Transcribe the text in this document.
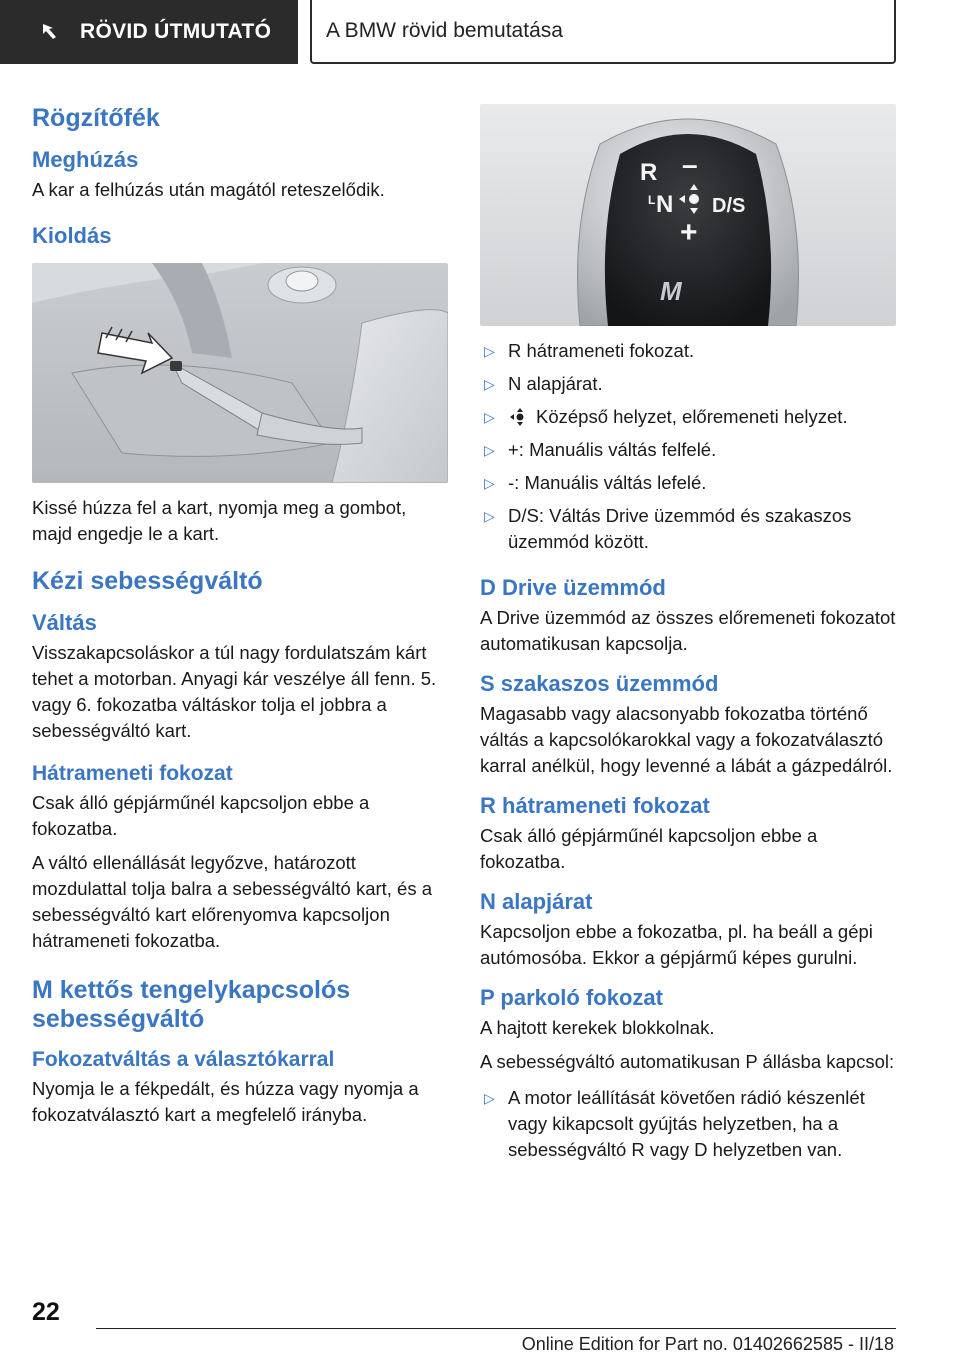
RÖVID ÚTMUTATÓ	A BMW rövid bemutatása
Rögzítőfék
Meghúzás

A kar a felhúzás után magától reteszelődik.

Kioldás

Kissé húzza fel a kart, nyomja meg a gombot, majd engedje le a kart.

Kézi sebességváltó
Váltás

Visszakapcsoláskor a túl nagy fordulatszám kárt tehet a motorban. Anyagi kár veszélye áll fenn. 5. vagy 6. fokozatba váltáskor tolja el jobbra a sebességváltó kart.

Hátrameneti fokozat

Csak álló gépjárműnél kapcsoljon ebbe a fokozatba.

A váltó ellenállását legyőzve, határozott mozdulattal tolja balra a sebességváltó kart, és a sebességváltó kart előrenyomva kapcsoljon hátrameneti fokozatba.

M kettős tengelykapcsolós sebességváltó
Fokozatváltás a választókarral

Nyomja le a fékpedált, és húzza vagy nyomja a fokozatválasztó kart a megfelelő irányba.

R –
L N D/S
+
M
▷ R hátrameneti fokozat.
▷ N alapjárat.
▷ Középső helyzet, előremeneti helyzet.
▷ +: Manuális váltás felfelé.
▷ -: Manuális váltás lefelé.
▷ D/S: Váltás Drive üzemmód és szakaszos üzemmód között.
D Drive üzemmód

A Drive üzemmód az összes előremeneti fokozatot automatikusan kapcsolja.

S szakaszos üzemmód

Magasabb vagy alacsonyabb fokozatba történő váltás a kapcsolókarokkal vagy a fokozatválasztó karral anélkül, hogy levenné a lábát a gázpedálról.

R hátrameneti fokozat

Csak álló gépjárműnél kapcsoljon ebbe a fokozatba.

N alapjárat

Kapcsoljon ebbe a fokozatba, pl. ha beáll a gépi autómosóba. Ekkor a gépjármű képes gurulni.

P parkoló fokozat

A hajtott kerekek blokkolnak.

A sebességváltó automatikusan P állásba kapcsol:

▷ A motor leállítását követően rádió készenlét vagy kikapcsolt gyújtás helyzetben, ha a sebességváltó R vagy D helyzetben van.
22
Online Edition for Part no. 01402662585 - II/18
